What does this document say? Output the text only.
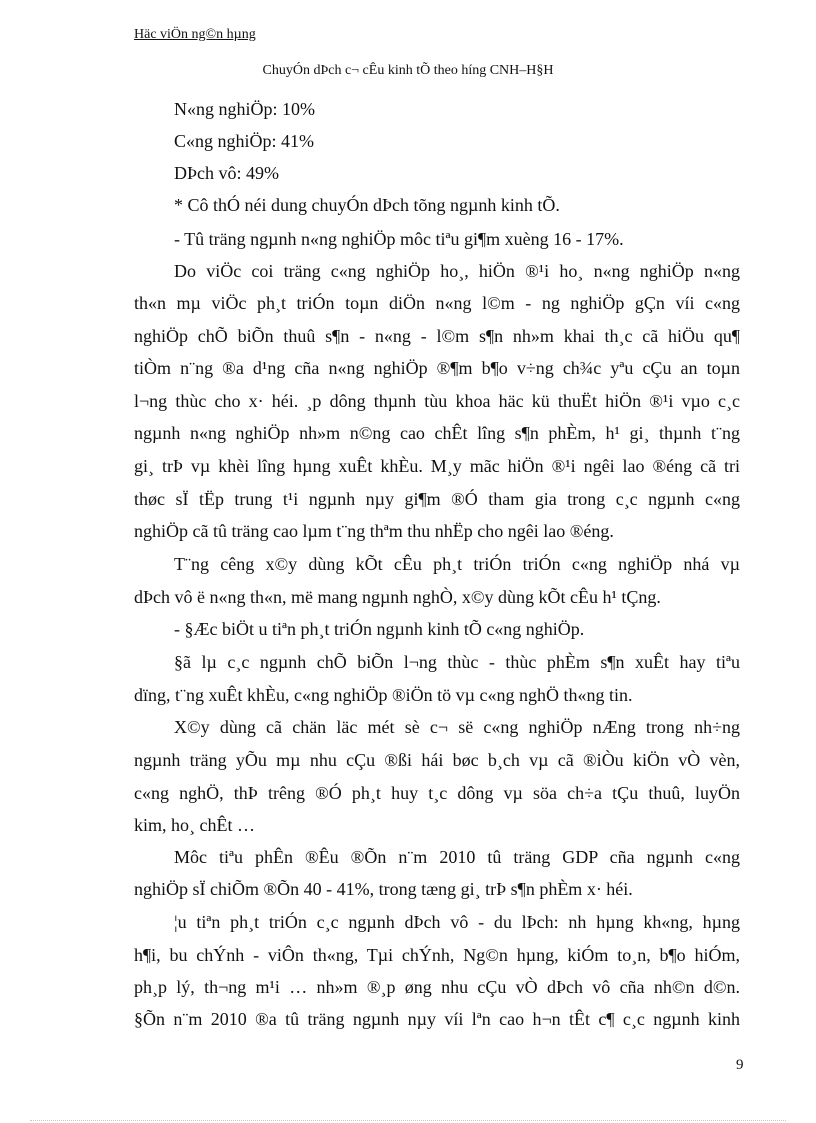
Häc viÖn ng©n hµng
ChuyÓn dÞch c¬ cÊu kinh tÕ theo híng CNH–H§H
N«ng nghiÖp: 10%
C«ng nghiÖp: 41%
DÞch vô: 49%
* Cô thÓ néi dung chuyÓn dÞch tõng ngµnh kinh tÕ.
- Tû träng ngµnh n«ng nghiÖp môc tiªu gi¶m xuèng 16 - 17%.
Do viÖc coi träng c«ng nghiÖp ho¸, hiÖn ®¹i ho¸ n«ng nghiÖp n«ng
th«n mµ viÖc ph¸t triÓn toµn diÖn n«ng l©m - ng nghiÖp gÇn víi c«ng
nghiÖp chÕ biÕn thuû s¶n - n«ng - l©m s¶n nh»m khai th¸c cã hiÖu qu¶
tiÒm n¨ng ®a d¹ng cña n«ng nghiÖp ®¶m b¶o v÷ng ch¾c yªu cÇu an toµn
l¬ng thùc cho x· héi. ¸p dông thµnh tùu khoa häc kü thuËt hiÖn ®¹i vµo c¸c
ngµnh n«ng nghiÖp nh»m n©ng cao chÊt lîng s¶n phÈm, h¹ gi¸ thµnh t¨ng
gi¸ trÞ vµ khèi lîng hµng xuÊt khÈu. M¸y mãc hiÖn ®¹i ngêi lao ®éng cã tri
thøc sÏ tËp trung t¹i ngµnh nµy gi¶m ®Ó tham gia trong c¸c ngµnh c«ng
nghiÖp cã tû träng cao lµm t¨ng thªm thu nhËp cho ngêi lao ®éng.
T¨ng cêng x©y dùng kÕt cÊu ph¸t triÓn triÓn c«ng nghiÖp nhá vµ
dÞch vô ë n«ng th«n, më mang ngµnh nghÒ, x©y dùng kÕt cÊu h¹ tÇng.
- §Æc biÖt u tiªn ph¸t triÓn ngµnh kinh tÕ c«ng nghiÖp.
§ã lµ c¸c ngµnh chÕ biÕn l¬ng thùc - thùc phÈm s¶n xuÊt hay tiªu
dïng, t¨ng xuÊt khÈu, c«ng nghiÖp ®iÖn tö vµ c«ng nghÖ th«ng tin.
X©y dùng cã chän läc mét sè c¬ së c«ng nghiÖp nÆng trong nh÷ng
ngµnh träng yÕu mµ nhu cÇu ®ßi hái bøc b¸ch vµ cã ®iÒu kiÖn vÒ vèn,
c«ng nghÖ, thÞ trêng ®Ó ph¸t huy t¸c dông vµ söa ch÷a tÇu thuû, luyÖn
kim, ho¸ chÊt …
Môc tiªu phÊn ®Êu ®Õn n¨m 2010 tû träng GDP cña ngµnh c«ng
nghiÖp sÏ chiÕm ®Õn 40 - 41%, trong tæng gi¸ trÞ s¶n phÈm x· héi.
¦u tiªn ph¸t triÓn c¸c ngµnh dÞch vô - du lÞch: nh hµng kh«ng, hµng
h¶i, bu chÝnh - viÔn th«ng, Tµi chÝnh, Ng©n hµng, kiÓm to¸n, b¶o hiÓm,
ph¸p lý, th¬ng m¹i … nh»m ®¸p øng nhu cÇu vÒ dÞch vô cña nh©n d©n.
§Õn n¨m 2010 ®a tû träng ngµnh nµy víi lªn cao h¬n tÊt c¶ c¸c ngµnh kinh
9
